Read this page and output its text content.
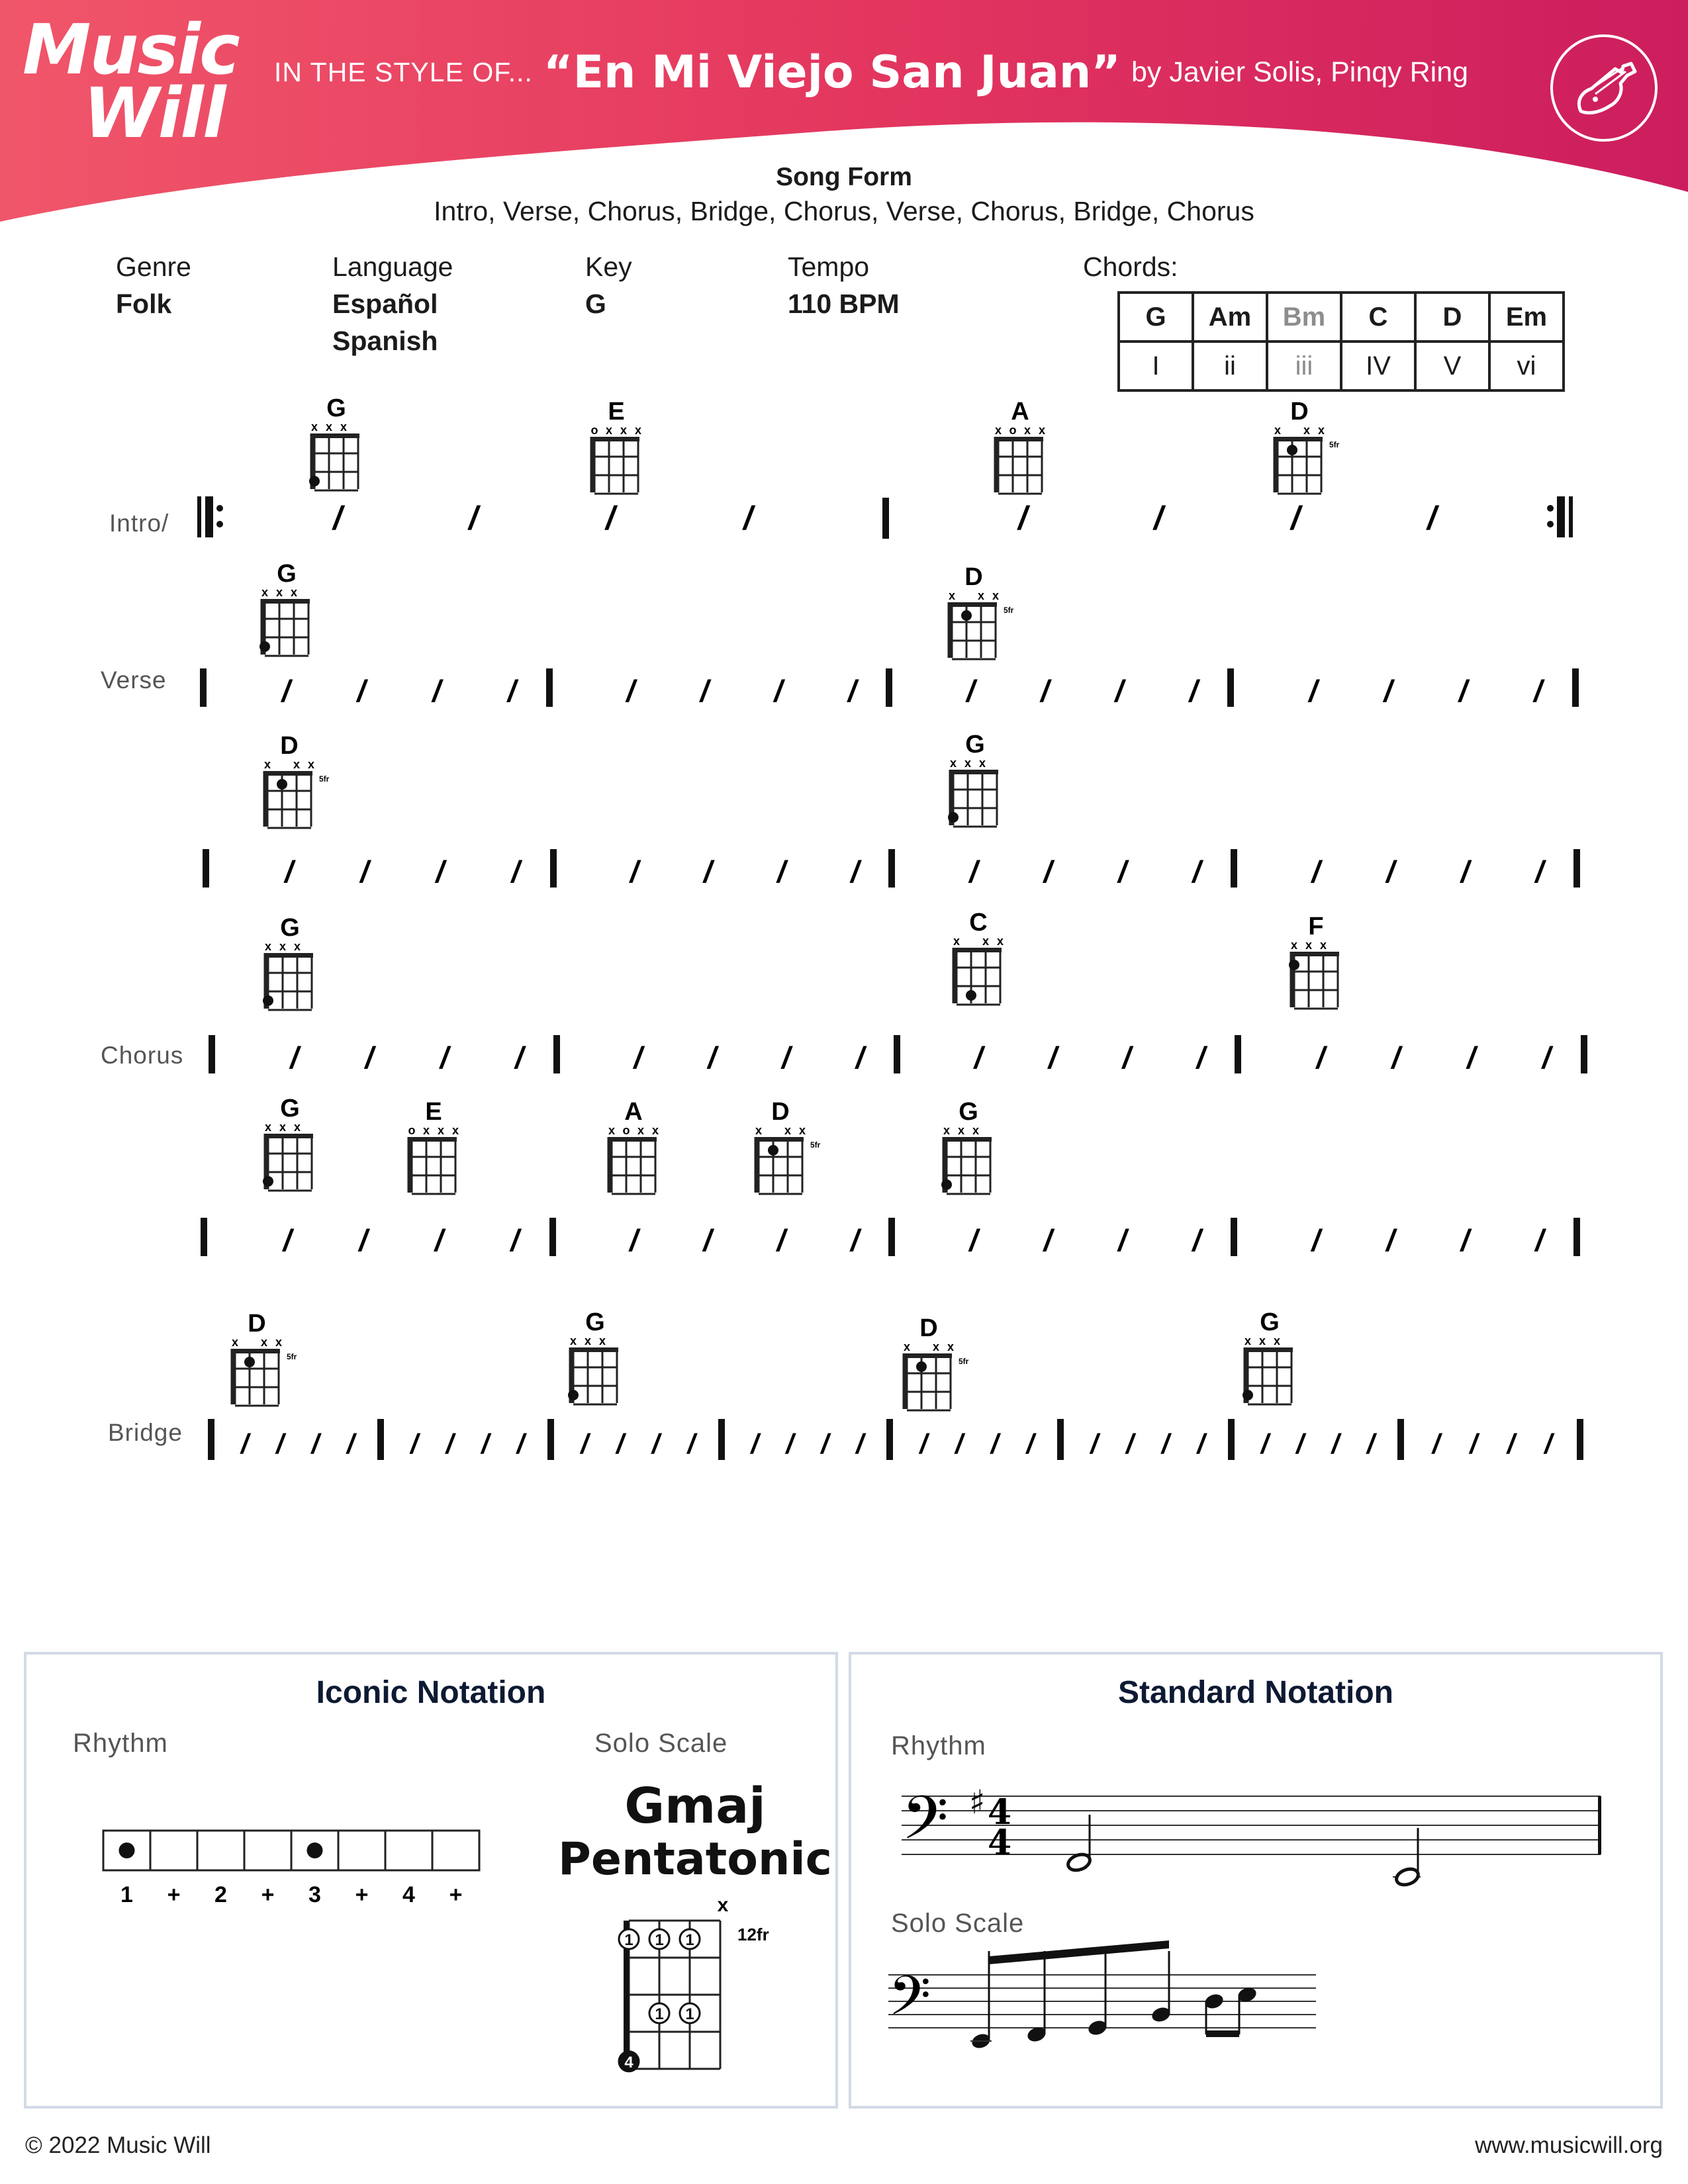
Music
Will
IN THE STYLE OF... “En Mi Viejo San Juan” by Javier Solis, Pinqy Ring
Song Form
Intro, Verse, Chorus, Bridge, Chorus, Verse, Chorus, Bridge, Chorus
Genre
Folk
Language
Español
Spanish
Key
G
Tempo
110 BPM
Chords:
G	Am	Bm	C	D	Em
I	ii	iii	IV	V	vi
Intro/
Verse
Chorus
Bridge
G
x x x
E
o x x x
A
x o x x
D
x x x
5fr
/	/	/	/	/	/	/	/
G
x x x
D
x x x
5fr
/ / / /	/ / / /	/ / / /	/ / / /
D
x x x
5fr
G
x x x
/ / / /	/ / / /	/ / / /	/ / / /
G
x x x
C
x x x
F
x x x
/ / / /	/ / / /	/ / / /	/ / / /
G
x x x
E
o x x x
A
x o x x
D
x x x
5fr
G
x x x
/ / / /	/ / / /	/ / / /	/ / / /
D
x x x
5fr
G
x x x	D
x x x
5fr
G
x x x
/ / / / / / / / / / / / / / / / / / / / / / / / / / / / / / / /
Iconic Notation
Rhythm	Solo Scale
Gmaj
Pentatonic
1 + 2 + 3 + 4 +	x
12fr
1 1 1
1 1
4
Standard Notation
Rhythm
Solo Scale
𝄢 ♯ 4
4
𝄢
© 2022 Music Will	www.musicwill.org
